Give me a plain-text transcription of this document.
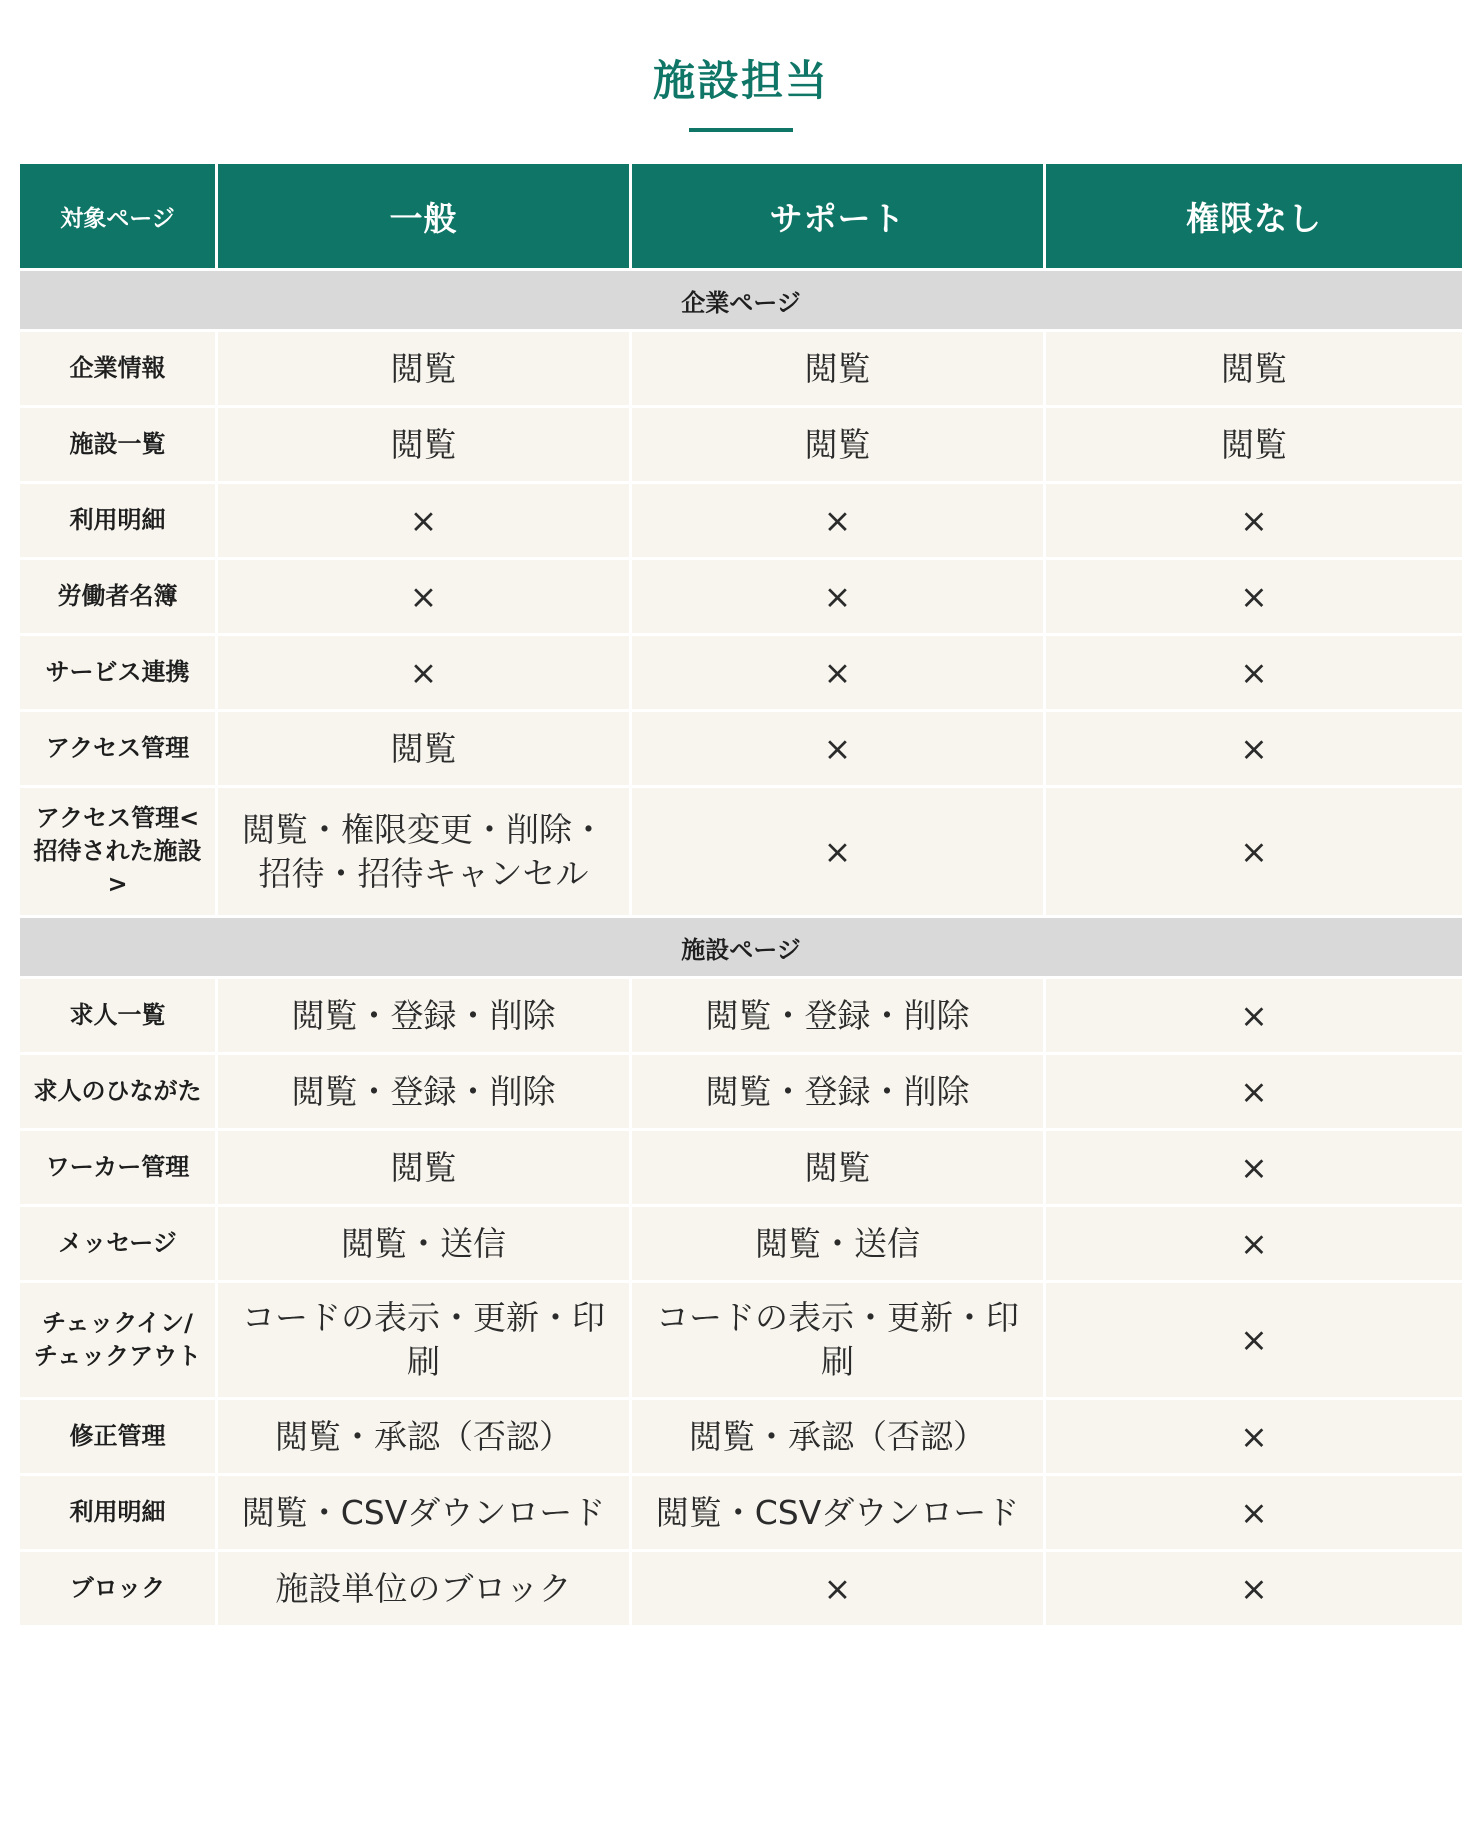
施設担当
対象ページ	一般	サポート	権限なし
企業ページ			
企業情報	閲覧	閲覧	閲覧
施設一覧	閲覧	閲覧	閲覧
利用明細	×	×	×
労働者名簿	×	×	×
サービス連携	×	×	×
アクセス管理	閲覧	×	×
アクセス管理<招待された施設>	閲覧・権限変更・削除・招待・招待キャンセル	×	×
施設ページ			
求人一覧	閲覧・登録・削除	閲覧・登録・削除	×
求人のひながた	閲覧・登録・削除	閲覧・登録・削除	×
ワーカー管理	閲覧	閲覧	×
メッセージ	閲覧・送信	閲覧・送信	×
チェックイン/チェックアウト	コードの表示・更新・印刷	コードの表示・更新・印刷	×
修正管理	閲覧・承認（否認）	閲覧・承認（否認）	×
利用明細	閲覧・CSVダウンロード	閲覧・CSVダウンロード	×
ブロック	施設単位のブロック	×	×
